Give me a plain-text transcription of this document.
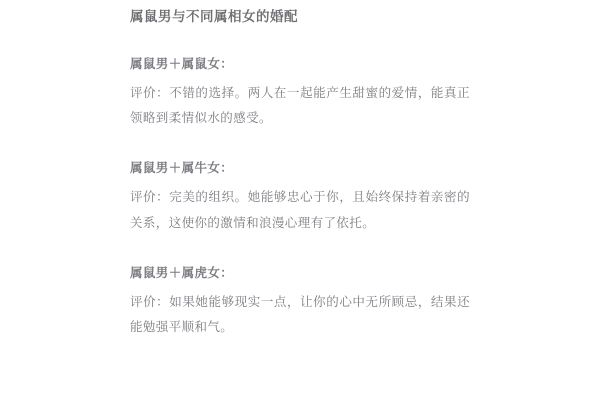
属鼠男与不同属相女的婚配
属鼠男＋属鼠女：
评价：不错的选择。两人在一起能产生甜蜜的爱情，能真正领略到柔情似水的感受。
属鼠男＋属牛女：
评价：完美的组织。她能够忠心于你，且始终保持着亲密的关系，这使你的激情和浪漫心理有了依托。
属鼠男＋属虎女：
评价：如果她能够现实一点，让你的心中无所顾忌，结果还能勉强平顺和气。
